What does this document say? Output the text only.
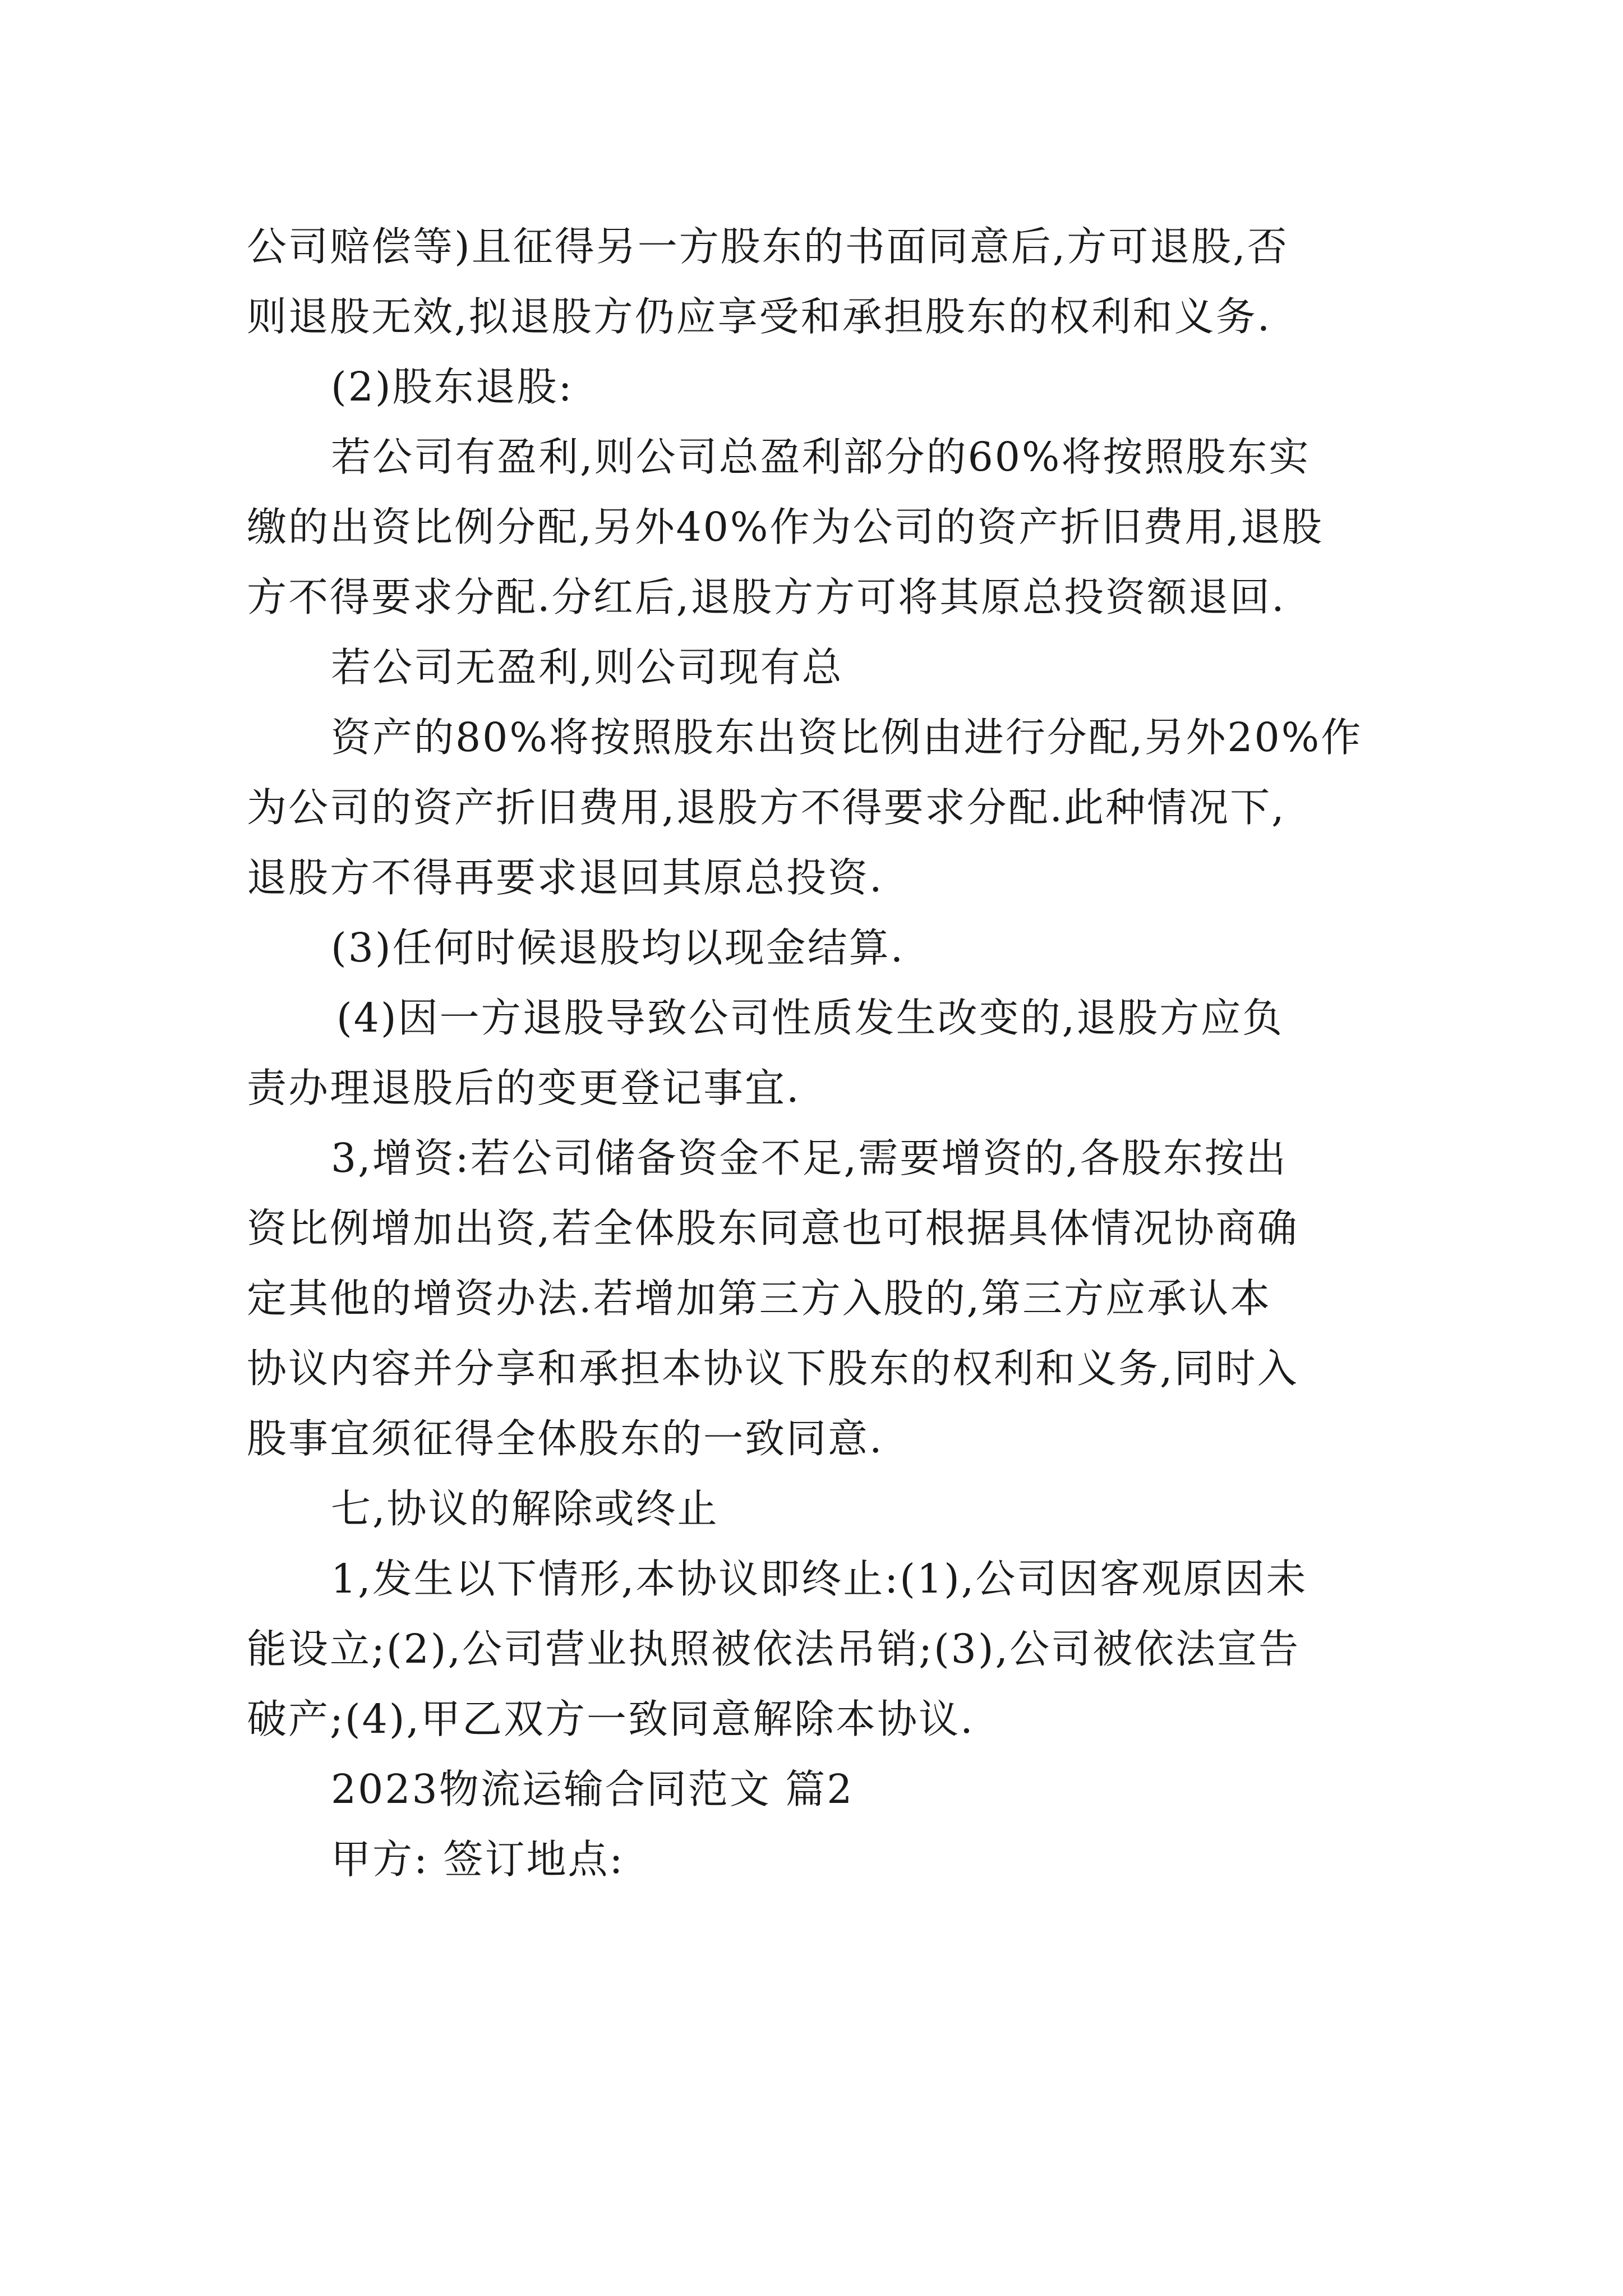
公司赔偿等)且征得另一方股东的书面同意后,方可退股,否
则退股无效,拟退股方仍应享受和承担股东的权利和义务.
(2)股东退股:
若公司有盈利,则公司总盈利部分的60%将按照股东实
缴的出资比例分配,另外40%作为公司的资产折旧费用,退股
方不得要求分配.分红后,退股方方可将其原总投资额退回.
若公司无盈利,则公司现有总
资产的80%将按照股东出资比例由进行分配,另外20%作
为公司的资产折旧费用,退股方不得要求分配.此种情况下,
退股方不得再要求退回其原总投资.
(3)任何时候退股均以现金结算.
(4)因一方退股导致公司性质发生改变的,退股方应负
责办理退股后的变更登记事宜.
3,增资:若公司储备资金不足,需要增资的,各股东按出
资比例增加出资,若全体股东同意也可根据具体情况协商确
定其他的增资办法.若增加第三方入股的,第三方应承认本
协议内容并分享和承担本协议下股东的权利和义务,同时入
股事宜须征得全体股东的一致同意.
七,协议的解除或终止
1,发生以下情形,本协议即终止:(1),公司因客观原因未
能设立;(2),公司营业执照被依法吊销;(3),公司被依法宣告
破产;(4),甲乙双方一致同意解除本协议.
2023物流运输合同范文 篇2
甲方: 签订地点:
